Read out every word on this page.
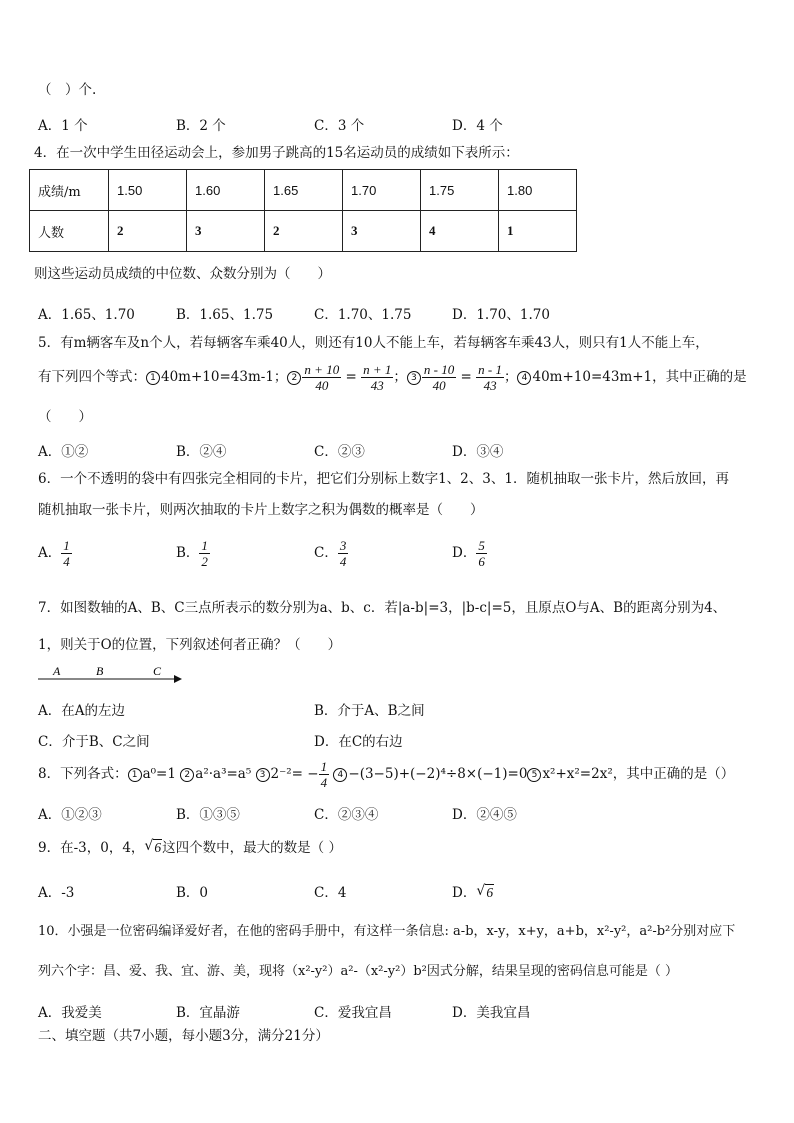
（　）个.
A．1 个	B．2 个	C．3 个	D．4 个
4．在一次中学生田径运动会上，参加男子跳高的15名运动员的成绩如下表所示：
成绩/m	1.50	1.60	1.65	1.70	1.75	1.80
人数	2	3	2	3	4	1
则这些运动员成绩的中位数、众数分别为（　　）
A．1.65、1.70	B．1.65、1.75	C．1.70、1.75	D．1.70、1.70
5．有m辆客车及n个人，若每辆客车乘40人，则还有10人不能上车，若每辆客车乘43人，则只有1人不能上车，
有下列四个等式： 1 40m+10=43m-1； $2 \frac{n + 10}{40} = \frac{n + 1}{43}$ ； $3 \frac{n - 10}{40} = \frac{n - 1}{43}$ ； 4 40m+10=43m+1，其中正确的是
（　　）
A．①②	B．②④	C．②③	D．③④
6．一个不透明的袋中有四张完全相同的卡片，把它们分别标上数字1、2、3、1．随机抽取一张卡片，然后放回，再
随机抽取一张卡片，则两次抽取的卡片上数字之积为偶数的概率是（　　）
A． $\frac{1}{4}$	B． $\frac{1}{2}$	C． $\frac{3}{4}$	D． $\frac{5}{6}$
7．如图数轴的A、B、C三点所表示的数分别为a、b、c．若|a-b|=3，|b-c|=5，且原点O与A、B的距离分别为4、
1，则关于O的位置，下列叙述何者正确？（　　）
A	B	C
A．在A的左边	B．介于A、B之间
C．介于B、C之间	D．在C的右边
8．下列各式： 1 a⁰=1 2 a²·a³=a⁵ 3 $2^{-2}= - \frac{1}{4} 4 -(3-5)+(-2)^4\div 8\times(-1)=0$ 5 x²+x²=2x²，其中正确的是（）
A．①②③	B．①③⑤	C．②③④	D．②④⑤
9．在-3，0，4， √ 6这四个数中，最大的数是（ ）
A．-3	B．0	C．4	D． √ 6
10．小强是一位密码编译爱好者，在他的密码手册中，有这样一条信息: a-b，x-y，x+y，a+b，x²-y²，a²-b²分别对应下
列六个字：昌、爱、我、宜、游、美，现将（x²-y²）a²-（x²-y²）b²因式分解，结果呈现的密码信息可能是（ ）
A．我爱美	B．宜晶游	C．爱我宜昌	D．美我宜昌
二、填空题（共7小题，每小题3分，满分21分）
